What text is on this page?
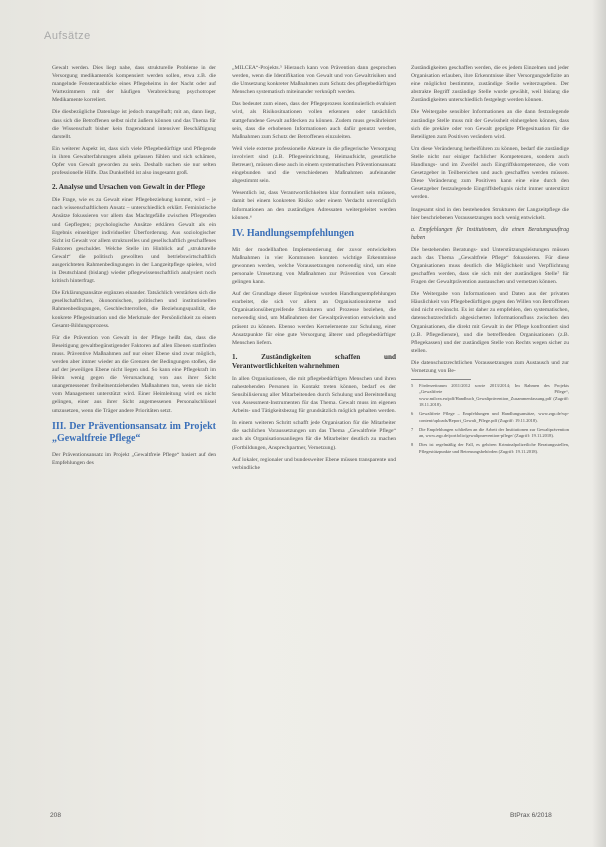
Aufsätze

Gewalt werden. Dies liegt nahe, dass strukturelle Probleme in der Versorgung medikamentös kompensiert werden sollen, etwa z.B. die mangelnde Fensterausblicke eines Pflegeheims in der Nacht oder auf Wartezimmern mit der häufigen Verabreichung psychotroper Medikamente korreliert.

Die diesbezügliche Datenlage ist jedoch mangelhaft; mit an, dann liegt, dass sich die Betroffenen selbst nicht äußern können und das Thema für die Wissenschaft bisher kein fragendstand intensiver Beschäftigung darstellt.

Ein weiterer Aspekt ist, dass sich viele Pflegebedürftige und Pflegende in ihren Gewalterfahrungen allein gelassen fühlen und sich schämen, Opfer von Gewalt geworden zu sein. Deshalb suchen sie nur selten professionelle Hilfe. Das Dunkelfeld ist also insgesamt groß.

2. Analyse und Ursachen von Gewalt in der Pflege

Die Frage, wie es zu Gewalt einer Pflegebeziehung kommt, wird – je nach wissenschaftlichem Ansatz – unterschiedlich erklärt. Feministische Ansätze fokussieren vor allem das Machtgefälle zwischen Pflegenden und Gepflegten; psychologische Ansätze erklären Gewalt als ein Ergebnis einseitiger individueller Überforderung. Aus soziologischer Sicht ist Gewalt vor allem strukturelles und gesellschaftlich geschaffenes Faktoren geschuldet. Welche Stelle im Hinblick auf „strukturelle Gewalt“ die politisch gewollten und betriebswirtschaftlich ausgerichteten Rahmenbedingungen in der Langzeitpflege spielen, wird in Deutschland (bislang) wieder pflegewissenschaftlich analysiert noch kritisch hinterfragt.

Die Erklärungsansätze ergänzen einander. Tatsächlich verstärken sich die gesellschaftlichen, ökonomischen, politischen und institutionellen Rahmenbedingungen, Geschlechterrollen, die Beziehungsqualität, die konkrete Pflegesituation und die Merkmale der Persönlichkeit zu einem Gesamt-Bildungsprozess.

Für die Prävention von Gewalt in der Pflege heißt das, dass die Beseitigung gewaltbegünstigender Faktoren auf allen Ebenen stattfinden muss. Präventive Maßnahmen auf nur einer Ebene sind zwar möglich, werden aber immer wieder an die Grenzen der Bedingungen stoßen, die auf der jeweiligen Ebene nicht liegen und. So kann eine Pflegekraft im Heim wenig gegen die Verursachung von aus ihrer Sicht unangemessener freiheitsentziehenden Maßnahmen tun, wenn sie nicht vom Management unterstützt wird. Einer Heimleitung wird es nicht gelingen, einer aus ihrer Sicht angemessenen Personalschlüssel umzusetzen, wenn die Träger andere Prioritäten setzt.

III. Der Präventionsansatz im Projekt „Gewaltfreie Pflege“

Der Präventionsansatz im Projekt „Gewaltfreie Pflege“ basiert auf den Empfehlungen des

„MILCEA“-Projekts.⁵ Hierauch kann von Prävention dann gesprochen werden, wenn die Identifikation von Gewalt und von Gewaltrisiken und die Umsetzung konkreter Maßnahmen zum Schutz des pflegebedürftigen Menschen systematisch miteinander verknüpft werden.

Das bedeutet zum einen, dass der Pflegeprozess kontinuierlich evaluiert wird, als Risikosituationen vollen erkennen oder tatsächlich stattgefundene Gewalt aufdecken zu können. Zudem muss gewährleistet sein, dass die erhobenen Informationen auch dafür genutzt werden, Maßnahmen zum Schutz der Betroffenen einzuleiten.

Weil viele externe professionelle Akteure in die pflegerische Versorgung involviert sind (z.B. Pflegeeinrichtung, Heimaufsicht, gesetzliche Betreuer), müssen diese auch in einem systematischen Präventionsansatz eingebunden und die verschiedenen Maßnahmen aufeinander abgestimmt sein.

Wesentlich ist, dass Verantwortlichkeiten klar formuliert sein müssen, damit bei einem konkreten Risiko oder einem Verdacht unverzüglich Informationen an den zuständigen Adressaten weitergeleitet werden können.⁶

IV. Handlungsempfehlungen

Mit der modellhaften Implementierung der zuvor entwickelten Maßnahmen in vier Kommunen konnten wichtige Erkenntnisse gewonnen werden, welche Voraussetzungen notwendig sind, um eine personale Umsetzung von Maßnahmen zur Prävention von Gewalt gelingen kann.

Auf der Grundlage dieser Ergebnisse wurden Handlungsempfehlungen erarbeitet, die sich vor allem an Organisationsinterne und Organisationsübergreifende Strukturen und Prozesse beziehen, die notwendig sind, um Maßnahmen der Gewaltprävention entwickeln und präsent zu können. Ebenso werden Kernelemente zur Schulung, einer Ansatzpunkte für eine gute Versorgung älterer und pflegebedürftiger Menschen liefern.

1. Zuständigkeiten schaffen und Verantwortlichkeiten wahrnehmen

In allen Organisationen, die mit pflegebedürftigen Menschen und ihren nahestehenden Personen in Kontakt treten können, bedarf es der Sensibilisierung aller Mitarbeitenden durch Schulung und Bereitstellung von Assessment-Instrumenten für das Thema. Gewalt muss im eigenen Arbeits- und Tätigkeitsbezug für grundsätzlich möglich gehalten werden.

In einem weiteren Schritt schafft jede Organisation für die Mitarbeiter die sachlichen Voraussetzungen um das Thema „Gewaltfreie Pflege“ auch als Organisationsanliegen für die Mitarbeiter deutlich zu machen (Fortbildungen, Ansprechpartner, Vernetzung).

Auf lokaler, regionaler und bundesweiter Ebene müssen transparente und verbindliche

Zuständigkeiten geschaffen werden, die es jedem Einzelnen und jeder Organisation erlauben, ihre Erkenntnisse über Versorgungsdefizite an eine möglichst bestimmte, zuständige Stelle weiterzugeben. Der abstrakte Begriff zuständige Stelle wurde gewählt, weil bislang die Zuständigkeiten unterschiedlich festgelegt werden können.

Die Weitergabe sensibler Informationen an die dann festzulegende zuständige Stelle muss mit der Gewissheit einhergehen können, dass sich die prekäre oder von Gewalt geprägte Pflegesituation für die Beteiligten zum Positiven verändern wird.

Um diese Veränderung herbeiführen zu können, bedarf die zuständige Stelle nicht nur einiger fachlicher Kompetenzen, sondern auch Handlungs- und im Zweifel auch Eingriffskompetenzen, die vom Gesetzgeber in Teilbereichen und auch geschaffen werden müssen. Diese Veränderung zum Positiven kann eine eine durch den Gesetzgeber festzulegende Eingriffsbefugnis nicht immer unterstützt werden.

Insgesamt sind in den bestehenden Strukturen der Langzeitpflege die hier beschriebenen Voraussetzungen noch wenig entwickelt.

a. Empfehlungen für Institutionen, die einen Beratungsauftrag haben

Die bestehenden Beratungs- und Unterstützungsleistungen müssen auch das Thema „Gewaltfreie Pflege“ fokussieren. Für diese Organisationen muss deutlich die Möglichkeit und Verpflichtung geschaffen werden, dass sie sich mit der zuständigen Stelle⁷ für Fragen der Gewaltprävention austauschen und vernetzen können.

Die Weitergabe von Informationen und Daten aus der privaten Häuslichkeit von Pflegebedürftigen gegen den Willen von Betroffenen sind nicht erwünscht. Es ist daher zu empfehlen, den systematischen, datenschutzrechtlich abgesicherten Informationsfluss zwischen den Organisationen, die direkt mit Gewalt in der Pflege konfrontiert sind (z.B. Pflegedienste), und die betreffenden Organisationen (z.B. Pflegekassen) und der zuständigen Stelle von Rechts wegen sicher zu stellen.

Die datenschutzrechtlichen Voraussetzungen zum Austausch und zur Vernetzung von Be-

5	Förderzeitraum 2011/2012 sowie 2013/2014; Im Rahmen des Projekts „Gewaltfreie Pflege“, www.milcea.eu/pdf/Handbuch_Gewaltprävention_Zusammenfassung.pdf (Zugriff: 18.11.2018).
6	Gewaltfreie Pflege – Empfehlungen und Handlungsansätze, www.zqp.de/wp-content/uploads/Report_Gewalt_Pflege.pdf (Zugriff: 19.11.2018).
7	Die Empfehlungen schließen an die Arbeit der Institutionen zur Gewaltprävention an, www.zqp.de/portfolio/gewaltpraevention-pflege/ (Zugriff: 19.11.2018).
8	Dies ist regelmäßig der Fall, es gehören Kriminalpolizeiliche Beratungsstellen, Pflegestützpunkte und Betreuungsbehörden (Zugriff: 19.11.2018).
208	BtPrax 6/2018
